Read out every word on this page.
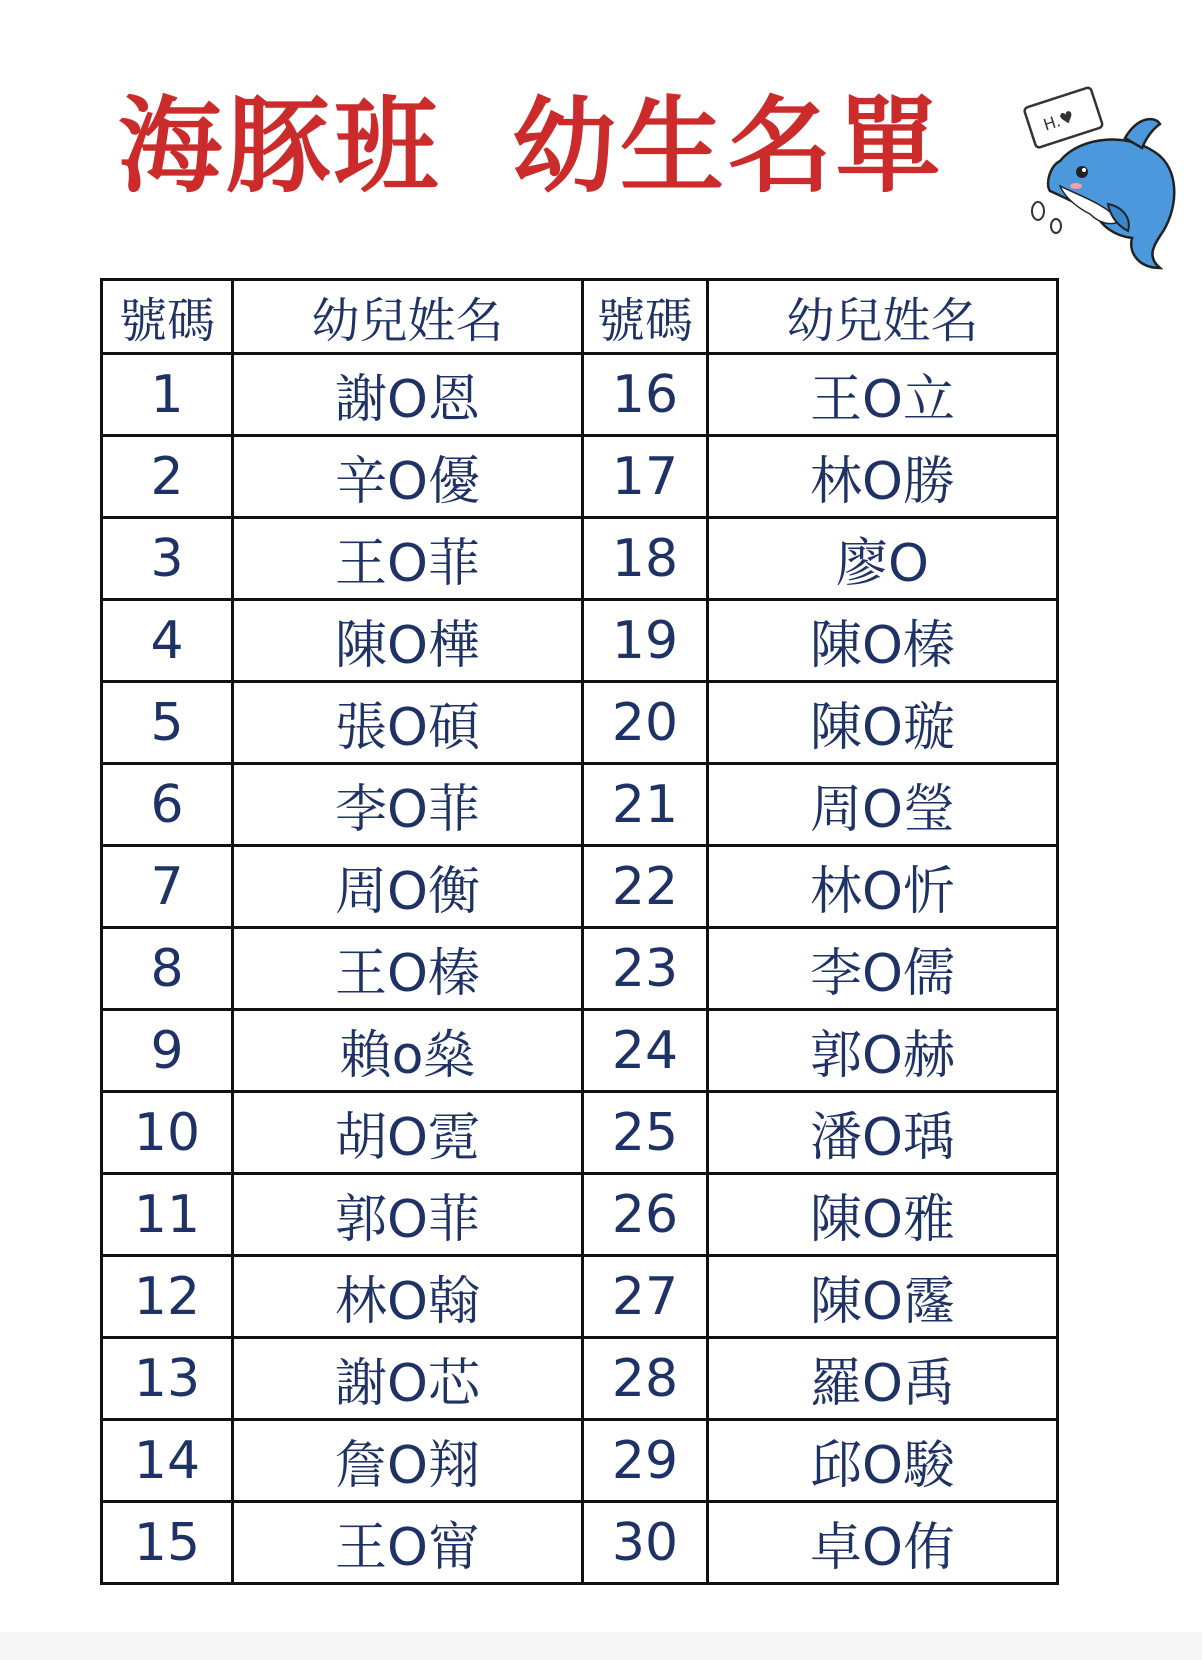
海豚班 幼生名單	H.♥
號碼	幼兒姓名	號碼	幼兒姓名
1	謝O恩	16	王O立
2	辛O優	17	林O勝
3	王O菲	18	廖O
4	陳O樺	19	陳O榛
5	張O碩	20	陳O璇
6	李O菲	21	周O瑩
7	周O衡	22	林O忻
8	王O榛	23	李O儒
9	賴o燊	24	郭O赫
10	胡O霓	25	潘O瑀
11	郭O菲	26	陳O雅
12	林O翰	27	陳O霳
13	謝O芯	28	羅O禹
14	詹O翔	29	邱O駿
15	王O甯	30	卓O侑
